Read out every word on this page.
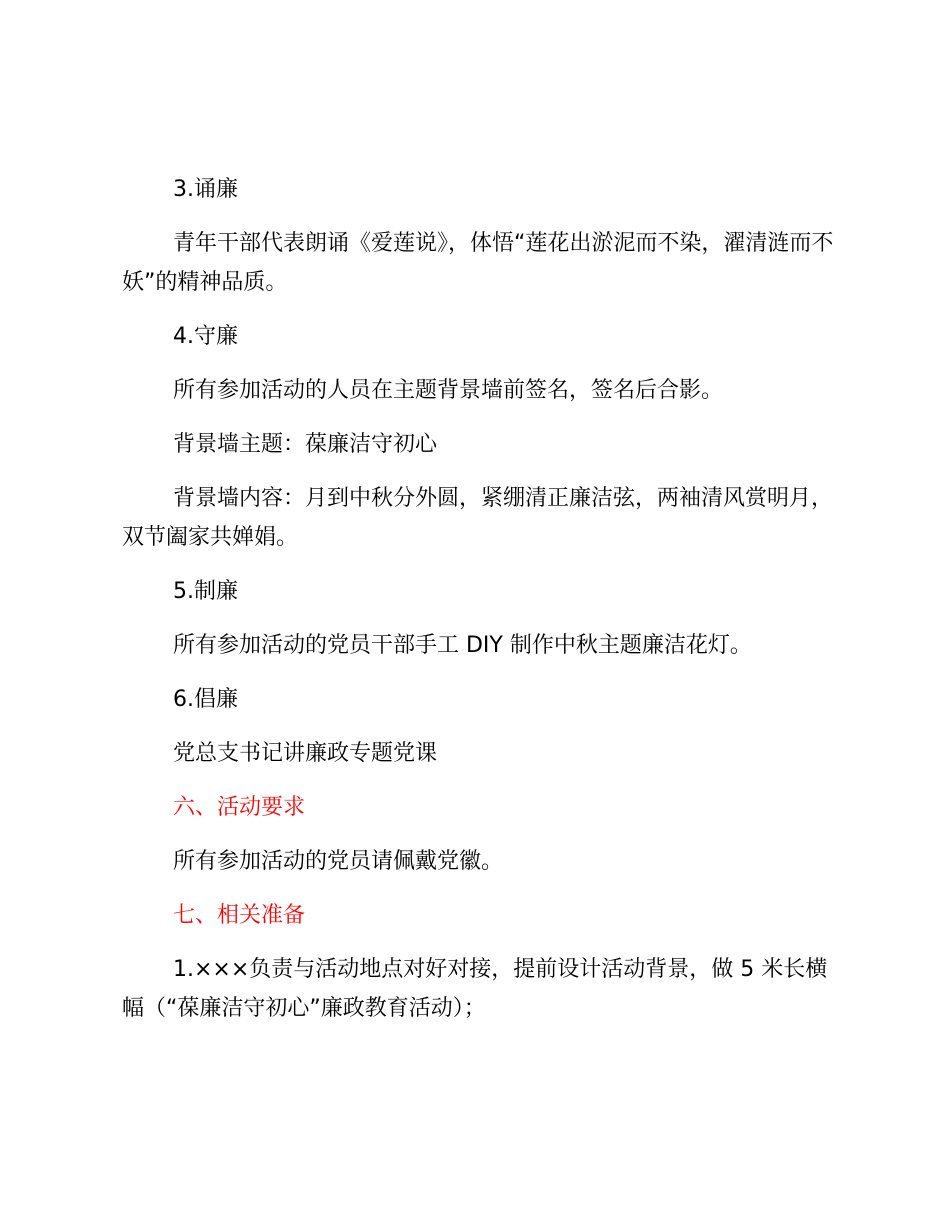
3.诵廉

青年干部代表朗诵《爱莲说》，体悟“莲花出淤泥而不染，濯清涟而不妖”的精神品质。

4.守廉

所有参加活动的人员在主题背景墙前签名，签名后合影。

背景墙主题：葆廉洁守初心

背景墙内容：月到中秋分外圆，紧绷清正廉洁弦，两袖清风赏明月，双节阖家共婵娟。

5.制廉

所有参加活动的党员干部手工 DIY 制作中秋主题廉洁花灯。

6.倡廉

党总支书记讲廉政专题党课

六、活动要求

所有参加活动的党员请佩戴党徽。

七、相关准备

1.×××负责与活动地点对好对接，提前设计活动背景，做 5 米长横幅（“葆廉洁守初心”廉政教育活动）；
